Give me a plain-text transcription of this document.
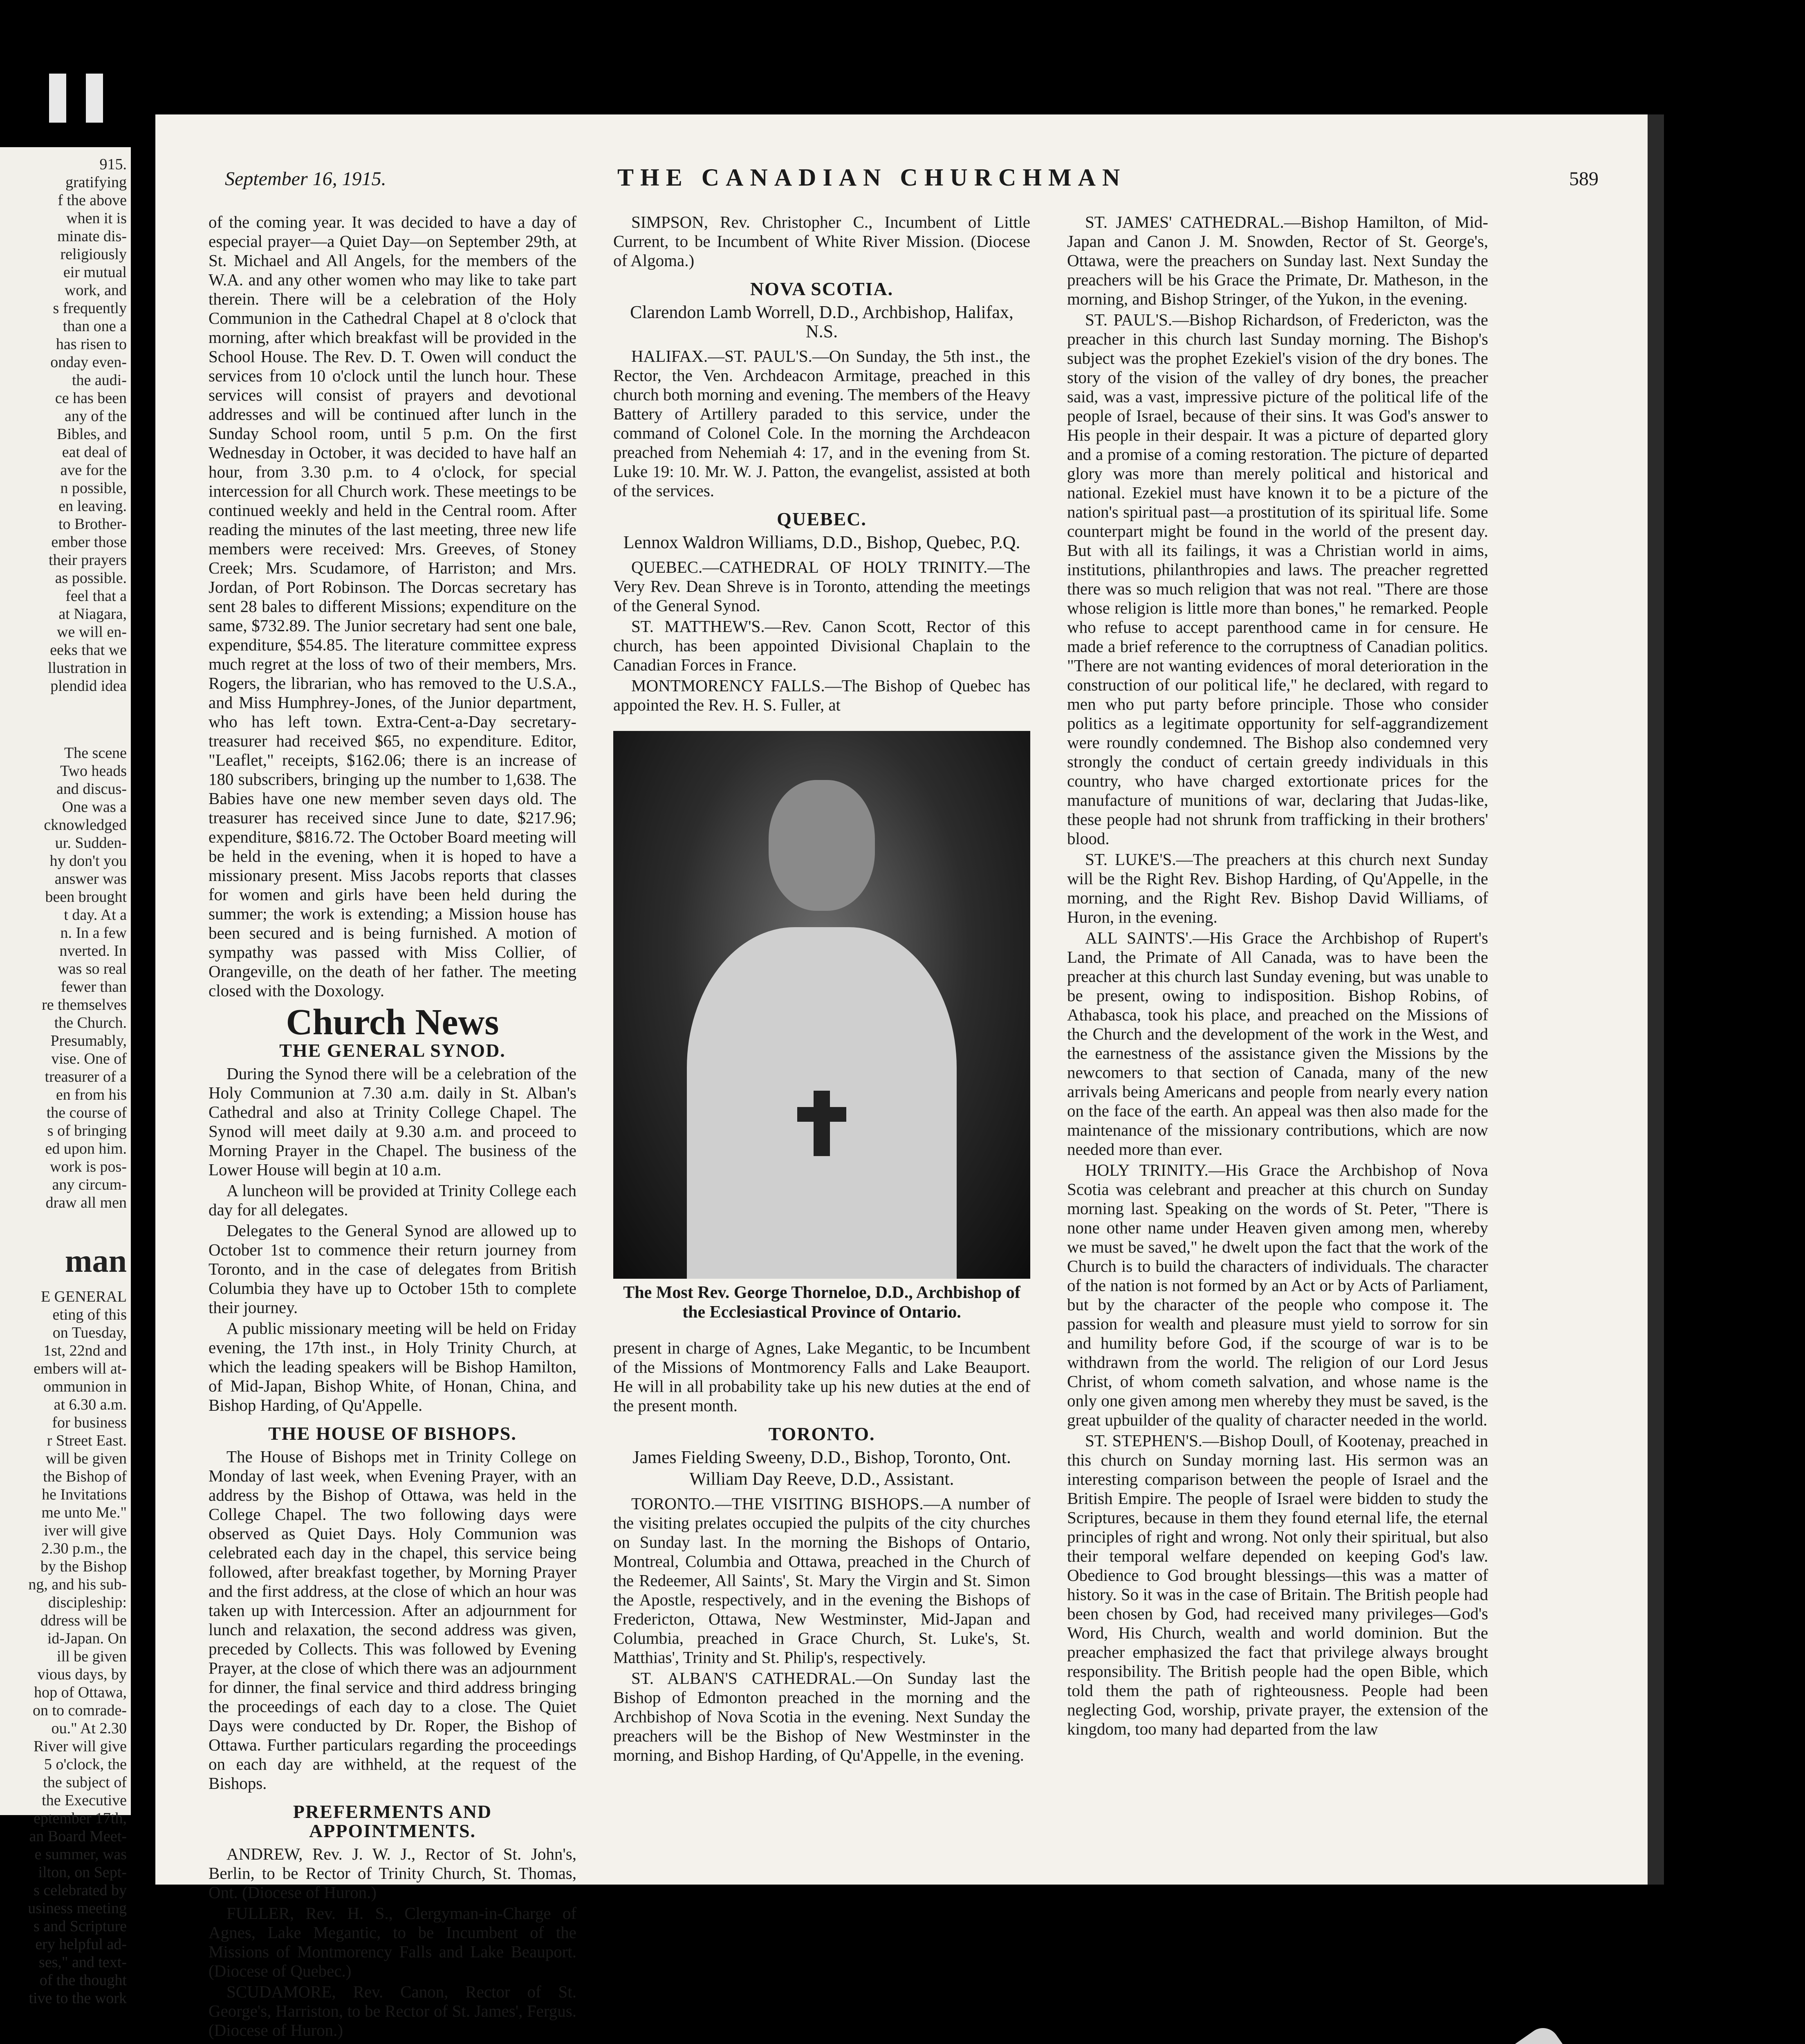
915.
gratifying
f the above
when it is
minate dis-
religiously
eir mutual
work, and
s frequently
than one a
has risen to
onday even-
the audi-
ce has been
any of the
Bibles, and
eat deal of
ave for the
n possible,
en leaving.
to Brother-
ember those
their prayers
as possible.
feel that a
at Niagara,
we will en-
eeks that we
llustration in
plendid idea
The scene
Two heads
and discus-
One was a
cknowledged
ur. Sudden-
hy don't you
answer was
been brought
t day. At a
n. In a few
nverted. In
was so real
fewer than
re themselves
the Church.
Presumably,
vise. One of
treasurer of a
en from his
the course of
s of bringing
ed upon him.
work is pos-
any circum-
draw all men
man
E GENERAL
eting of this
on Tuesday,
1st, 22nd and
embers will at-
ommunion in
at 6.30 a.m.
for business
r Street East.
will be given
the Bishop of
he Invitations
me unto Me."
iver will give
2.30 p.m., the
by the Bishop
ng, and his sub-
discipleship:
ddress will be
id-Japan. On
ill be given
vious days, by
hop of Ottawa,
on to comrade-
ou." At 2.30
River will give
5 o'clock, the
the subject of
the Executive
eptember 17th,
an Board Meet-
e summer, was
ilton, on Sept-
s celebrated by
usiness meeting
s and Scripture
ery helpful ad-
ses," and text-
of the thought
tive to the work
September 16, 1915.	THE CANADIAN CHURCHMAN	589

of the coming year. It was decided to have a day of especial prayer—a Quiet Day—on September 29th, at St. Michael and All Angels, for the members of the W.A. and any other women who may like to take part therein. There will be a celebration of the Holy Communion in the Cathedral Chapel at 8 o'clock that morning, after which breakfast will be provided in the School House. The Rev. D. T. Owen will conduct the services from 10 o'clock until the lunch hour. These services will consist of prayers and devotional addresses and will be continued after lunch in the Sunday School room, until 5 p.m. On the first Wednesday in October, it was decided to have half an hour, from 3.30 p.m. to 4 o'clock, for special intercession for all Church work. These meetings to be continued weekly and held in the Central room. After reading the minutes of the last meeting, three new life members were received: Mrs. Greeves, of Stoney Creek; Mrs. Scudamore, of Harriston; and Mrs. Jordan, of Port Robinson. The Dorcas secretary has sent 28 bales to different Missions; expenditure on the same, $732.89. The Junior secretary had sent one bale, expenditure, $54.85. The literature committee express much regret at the loss of two of their members, Mrs. Rogers, the librarian, who has removed to the U.S.A., and Miss Humphrey-Jones, of the Junior department, who has left town. Extra-Cent-a-Day secretary-treasurer had received $65, no expenditure. Editor, "Leaflet," receipts, $162.06; there is an increase of 180 subscribers, bringing up the number to 1,638. The Babies have one new member seven days old. The treasurer has received since June to date, $217.96; expenditure, $816.72. The October Board meeting will be held in the evening, when it is hoped to have a missionary present. Miss Jacobs reports that classes for women and girls have been held during the summer; the work is extending; a Mission house has been secured and is being furnished. A motion of sympathy was passed with Miss Collier, of Orangeville, on the death of her father. The meeting closed with the Doxology.

Church News
THE GENERAL SYNOD.

During the Synod there will be a celebration of the Holy Communion at 7.30 a.m. daily in St. Alban's Cathedral and also at Trinity College Chapel. The Synod will meet daily at 9.30 a.m. and proceed to Morning Prayer in the Chapel. The business of the Lower House will begin at 10 a.m.

A luncheon will be provided at Trinity College each day for all delegates.

Delegates to the General Synod are allowed up to October 1st to commence their return journey from Toronto, and in the case of delegates from British Columbia they have up to October 15th to complete their journey.

A public missionary meeting will be held on Friday evening, the 17th inst., in Holy Trinity Church, at which the leading speakers will be Bishop Hamilton, of Mid-Japan, Bishop White, of Honan, China, and Bishop Harding, of Qu'Appelle.

THE HOUSE OF BISHOPS.

The House of Bishops met in Trinity College on Monday of last week, when Evening Prayer, with an address by the Bishop of Ottawa, was held in the College Chapel. The two following days were observed as Quiet Days. Holy Communion was celebrated each day in the chapel, this service being followed, after breakfast together, by Morning Prayer and the first address, at the close of which an hour was taken up with Intercession. After an adjournment for lunch and relaxation, the second address was given, preceded by Collects. This was followed by Evening Prayer, at the close of which there was an adjournment for dinner, the final service and third address bringing the proceedings of each day to a close. The Quiet Days were conducted by Dr. Roper, the Bishop of Ottawa. Further particulars regarding the proceedings on each day are withheld, at the request of the Bishops.

PREFERMENTS AND APPOINTMENTS.

ANDREW, Rev. J. W. J., Rector of St. John's, Berlin, to be Rector of Trinity Church, St. Thomas, Ont. (Diocese of Huron.)

FULLER, Rev. H. S., Clergyman-in-Charge of Agnes, Lake Megantic, to be Incumbent of the Missions of Montmorency Falls and Lake Beauport. (Diocese of Quebec.)

SCUDAMORE, Rev. Canon, Rector of St. George's, Harriston, to be Rector of St. James', Fergus. (Diocese of Huron.)

SIMPSON, Rev. Christopher C., Incumbent of Little Current, to be Incumbent of White River Mission. (Diocese of Algoma.)

NOVA SCOTIA.
Clarendon Lamb Worrell, D.D., Archbishop, Halifax, N.S.

HALIFAX.—ST. PAUL'S.—On Sunday, the 5th inst., the Rector, the Ven. Archdeacon Armitage, preached in this church both morning and evening. The members of the Heavy Battery of Artillery paraded to this service, under the command of Colonel Cole. In the morning the Archdeacon preached from Nehemiah 4: 17, and in the evening from St. Luke 19: 10. Mr. W. J. Patton, the evangelist, assisted at both of the services.

QUEBEC.
Lennox Waldron Williams, D.D., Bishop, Quebec, P.Q.

QUEBEC.—CATHEDRAL OF HOLY TRINITY.—The Very Rev. Dean Shreve is in Toronto, attending the meetings of the General Synod.

ST. MATTHEW'S.—Rev. Canon Scott, Rector of this church, has been appointed Divisional Chaplain to the Canadian Forces in France.

MONTMORENCY FALLS.—The Bishop of Quebec has appointed the Rev. H. S. Fuller, at

The Most Rev. George Thorneloe, D.D., Archbishop of the Ecclesiastical Province of Ontario.

present in charge of Agnes, Lake Megantic, to be Incumbent of the Missions of Montmorency Falls and Lake Beauport. He will in all probability take up his new duties at the end of the present month.

TORONTO.
James Fielding Sweeny, D.D., Bishop, Toronto, Ont.
William Day Reeve, D.D., Assistant.

TORONTO.—THE VISITING BISHOPS.—A number of the visiting prelates occupied the pulpits of the city churches on Sunday last. In the morning the Bishops of Ontario, Montreal, Columbia and Ottawa, preached in the Church of the Redeemer, All Saints', St. Mary the Virgin and St. Simon the Apostle, respectively, and in the evening the Bishops of Fredericton, Ottawa, New Westminster, Mid-Japan and Columbia, preached in Grace Church, St. Luke's, St. Matthias', Trinity and St. Philip's, respectively.

ST. ALBAN'S CATHEDRAL.—On Sunday last the Bishop of Edmonton preached in the morning and the Archbishop of Nova Scotia in the evening. Next Sunday the preachers will be the Bishop of New Westminster in the morning, and Bishop Harding, of Qu'Appelle, in the evening.

ST. JAMES' CATHEDRAL.—Bishop Hamilton, of Mid-Japan and Canon J. M. Snowden, Rector of St. George's, Ottawa, were the preachers on Sunday last. Next Sunday the preachers will be his Grace the Primate, Dr. Matheson, in the morning, and Bishop Stringer, of the Yukon, in the evening.

ST. PAUL'S.—Bishop Richardson, of Fredericton, was the preacher in this church last Sunday morning. The Bishop's subject was the prophet Ezekiel's vision of the dry bones. The story of the vision of the valley of dry bones, the preacher said, was a vast, impressive picture of the political life of the people of Israel, because of their sins. It was God's answer to His people in their despair. It was a picture of departed glory and a promise of a coming restoration. The picture of departed glory was more than merely political and historical and national. Ezekiel must have known it to be a picture of the nation's spiritual past—a prostitution of its spiritual life. Some counterpart might be found in the world of the present day. But with all its failings, it was a Christian world in aims, institutions, philanthropies and laws. The preacher regretted there was so much religion that was not real. "There are those whose religion is little more than bones," he remarked. People who refuse to accept parenthood came in for censure. He made a brief reference to the corruptness of Canadian politics. "There are not wanting evidences of moral deterioration in the construction of our political life," he declared, with regard to men who put party before principle. Those who consider politics as a legitimate opportunity for self-aggrandizement were roundly condemned. The Bishop also condemned very strongly the conduct of certain greedy individuals in this country, who have charged extortionate prices for the manufacture of munitions of war, declaring that Judas-like, these people had not shrunk from trafficking in their brothers' blood.

ST. LUKE'S.—The preachers at this church next Sunday will be the Right Rev. Bishop Harding, of Qu'Appelle, in the morning, and the Right Rev. Bishop David Williams, of Huron, in the evening.

ALL SAINTS'.—His Grace the Archbishop of Rupert's Land, the Primate of All Canada, was to have been the preacher at this church last Sunday evening, but was unable to be present, owing to indisposition. Bishop Robins, of Athabasca, took his place, and preached on the Missions of the Church and the development of the work in the West, and the earnestness of the assistance given the Missions by the newcomers to that section of Canada, many of the new arrivals being Americans and people from nearly every nation on the face of the earth. An appeal was then also made for the maintenance of the missionary contributions, which are now needed more than ever.

HOLY TRINITY.—His Grace the Archbishop of Nova Scotia was celebrant and preacher at this church on Sunday morning last. Speaking on the words of St. Peter, "There is none other name under Heaven given among men, whereby we must be saved," he dwelt upon the fact that the work of the Church is to build the characters of individuals. The character of the nation is not formed by an Act or by Acts of Parliament, but by the character of the people who compose it. The passion for wealth and pleasure must yield to sorrow for sin and humility before God, if the scourge of war is to be withdrawn from the world. The religion of our Lord Jesus Christ, of whom cometh salvation, and whose name is the only one given among men whereby they must be saved, is the great upbuilder of the quality of character needed in the world.

ST. STEPHEN'S.—Bishop Doull, of Kootenay, preached in this church on Sunday morning last. His sermon was an interesting comparison between the people of Israel and the British Empire. The people of Israel were bidden to study the Scriptures, because in them they found eternal life, the eternal principles of right and wrong. Not only their spiritual, but also their temporal welfare depended on keeping God's law. Obedience to God brought blessings—this was a matter of history. So it was in the case of Britain. The British people had been chosen by God, had received many privileges—God's Word, His Church, wealth and world dominion. But the preacher emphasized the fact that privilege always brought responsibility. The British people had the open Bible, which told them the path of righteousness. People had been neglecting God, worship, private prayer, the extension of the kingdom, too many had departed from the law
